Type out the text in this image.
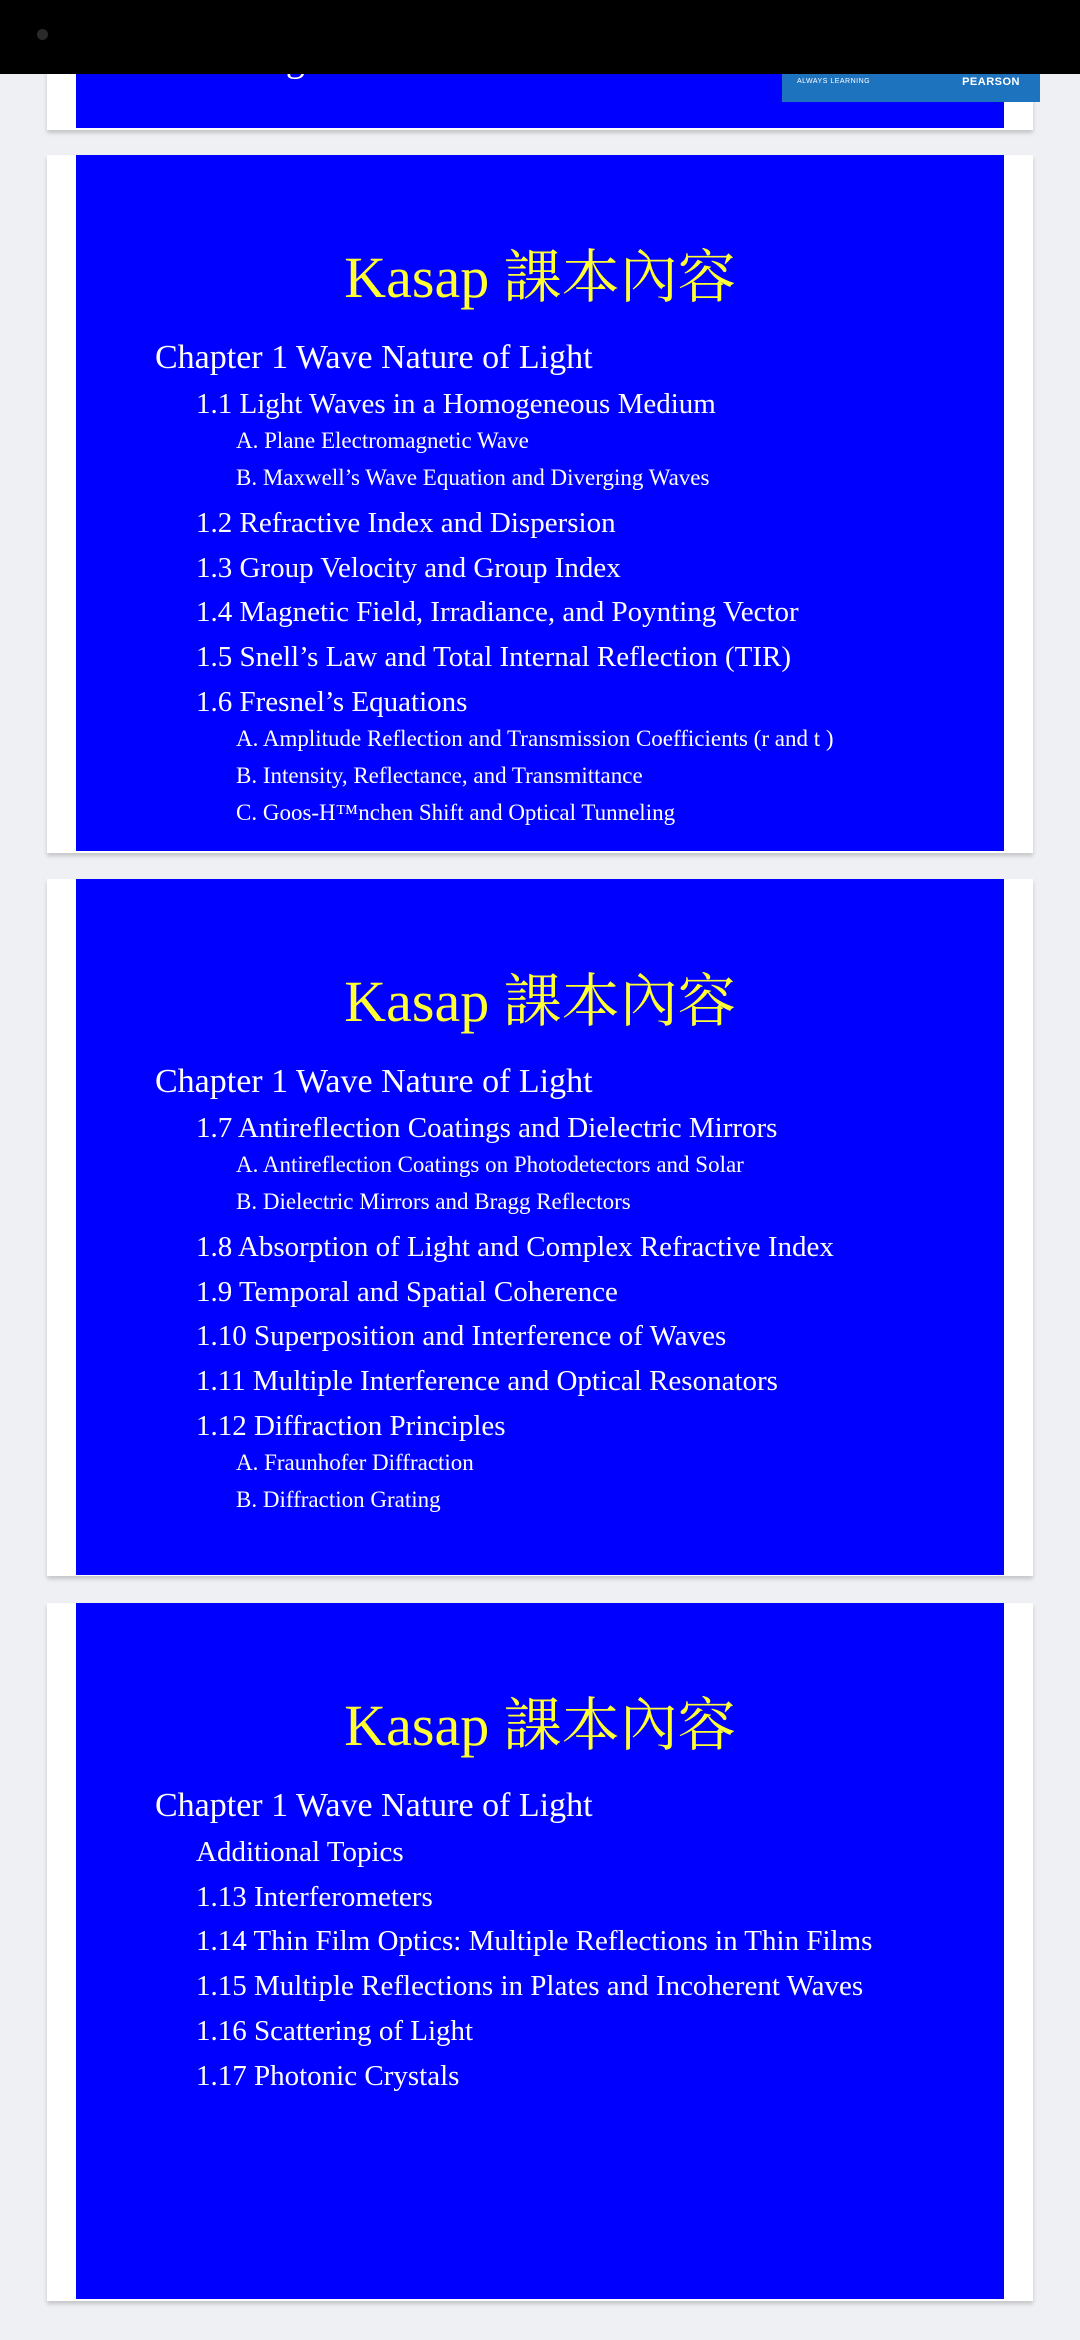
ALWAYS LEARNING	PEARSON
Kasap 課本內容
Chapter 1 Wave Nature of Light
1.1 Light Waves in a Homogeneous Medium
A. Plane Electromagnetic Wave
B. Maxwell’s Wave Equation and Diverging Waves
1.2 Refractive Index and Dispersion
1.3 Group Velocity and Group Index
1.4 Magnetic Field, Irradiance, and Poynting Vector
1.5 Snell’s Law and Total Internal Reflection (TIR)
1.6 Fresnel’s Equations
A. Amplitude Reflection and Transmission Coefficients (r and t )
B. Intensity, Reflectance, and Transmittance
C. Goos-H™nchen Shift and Optical Tunneling
Kasap 課本內容
Chapter 1 Wave Nature of Light
1.7 Antireflection Coatings and Dielectric Mirrors
A. Antireflection Coatings on Photodetectors and Solar
B. Dielectric Mirrors and Bragg Reflectors
1.8 Absorption of Light and Complex Refractive Index
1.9 Temporal and Spatial Coherence
1.10 Superposition and Interference of Waves
1.11 Multiple Interference and Optical Resonators
1.12 Diffraction Principles
A. Fraunhofer Diffraction
B. Diffraction Grating
Kasap 課本內容
Chapter 1 Wave Nature of Light
Additional Topics
1.13 Interferometers
1.14 Thin Film Optics: Multiple Reflections in Thin Films
1.15 Multiple Reflections in Plates and Incoherent Waves
1.16 Scattering of Light
1.17 Photonic Crystals
